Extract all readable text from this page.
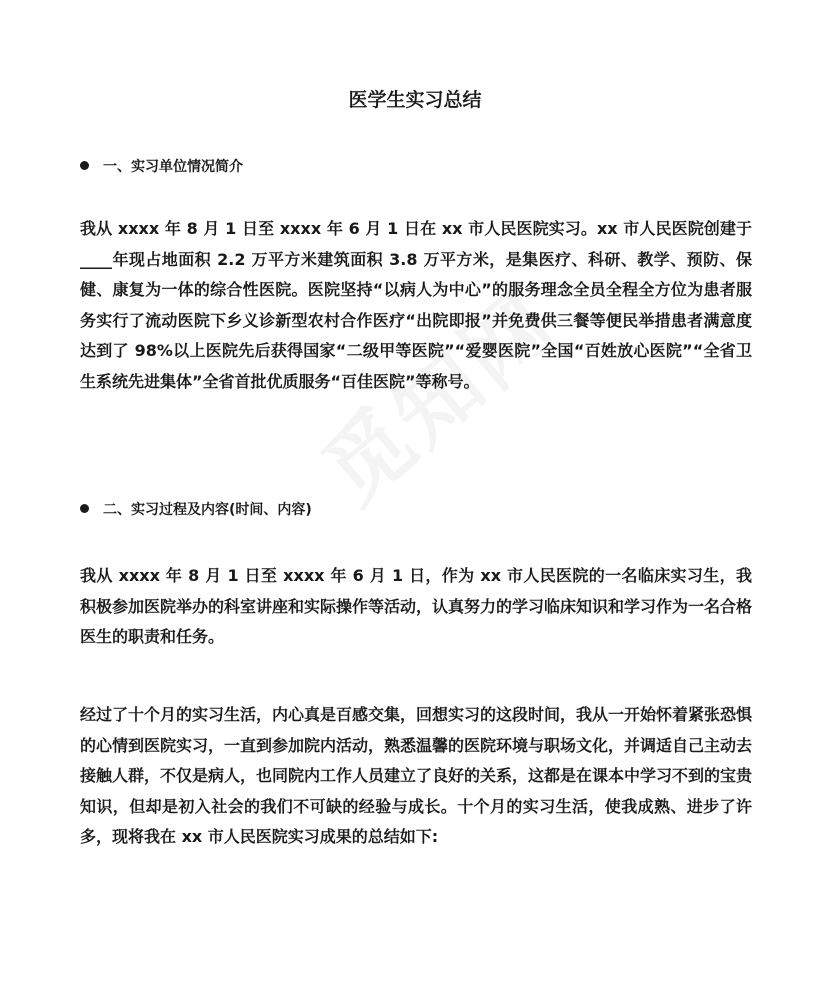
医学生实习总结
一、实习单位情况简介
我从 xxxx 年 8 月 1 日至 xxxx 年 6 月 1 日在 xx 市人民医院实习。xx 市人民医院创建于____年现占地面积 2.2 万平方米建筑面积 3.8 万平方米，是集医疗、科研、教学、预防、保健、康复为一体的综合性医院。医院坚持“以病人为中心”的服务理念全员全程全方位为患者服务实行了流动医院下乡义诊新型农村合作医疗“出院即报”并免费供三餐等便民举措患者满意度达到了 98%以上医院先后获得国家“二级甲等医院”“爱婴医院”全国“百姓放心医院”“全省卫生系统先进集体”全省首批优质服务“百佳医院”等称号。
二、实习过程及内容(时间、内容)
我从 xxxx 年 8 月 1 日至 xxxx 年 6 月 1 日，作为 xx 市人民医院的一名临床实习生，我积极参加医院举办的科室讲座和实际操作等活动，认真努力的学习临床知识和学习作为一名合格医生的职责和任务。
经过了十个月的实习生活，内心真是百感交集，回想实习的这段时间，我从一开始怀着紧张恐惧的心情到医院实习，一直到参加院内活动，熟悉温馨的医院环境与职场文化，并调适自己主动去接触人群，不仅是病人，也同院内工作人员建立了良好的关系，这都是在课本中学习不到的宝贵知识，但却是初入社会的我们不可缺的经验与成长。十个月的实习生活，使我成熟、进步了许多，现将我在 xx 市人民医院实习成果的总结如下:
